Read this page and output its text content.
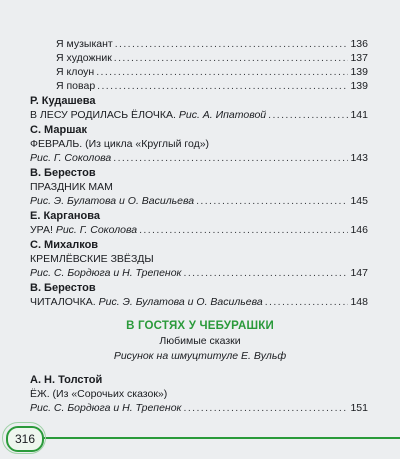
Я музыкант .....	136
Я художник .....	137
Я клоун .....	139
Я повар .....	139
Р. Кудашева
В ЛЕСУ РОДИЛАСЬ ЁЛОЧКА. Рис. А. Ипатовой .....	141
С. Маршак
ФЕВРАЛЬ. (Из цикла «Круглый год»)
Рис. Г. Соколова .....	143
В. Берестов
ПРАЗДНИК МАМ
Рис. Э. Булатова и О. Васильева .....	145
Е. Карганова
УРА! Рис. Г. Соколова .....	146
С. Михалков
КРЕМЛЁВСКИЕ ЗВЁЗДЫ
Рис. С. Бордюга и Н. Трепенок .....	147
В. Берестов
ЧИТАЛОЧКА. Рис. Э. Булатова и О. Васильева .....	148
В ГОСТЯХ У ЧЕБУРАШКИ
Любимые сказки
Рисунок на шмуцтитуле Е. Вульф
А. Н. Толстой
ЁЖ. (Из «Сорочьих сказок»)
Рис. С. Бордюга и Н. Трепенок .....	151
316
